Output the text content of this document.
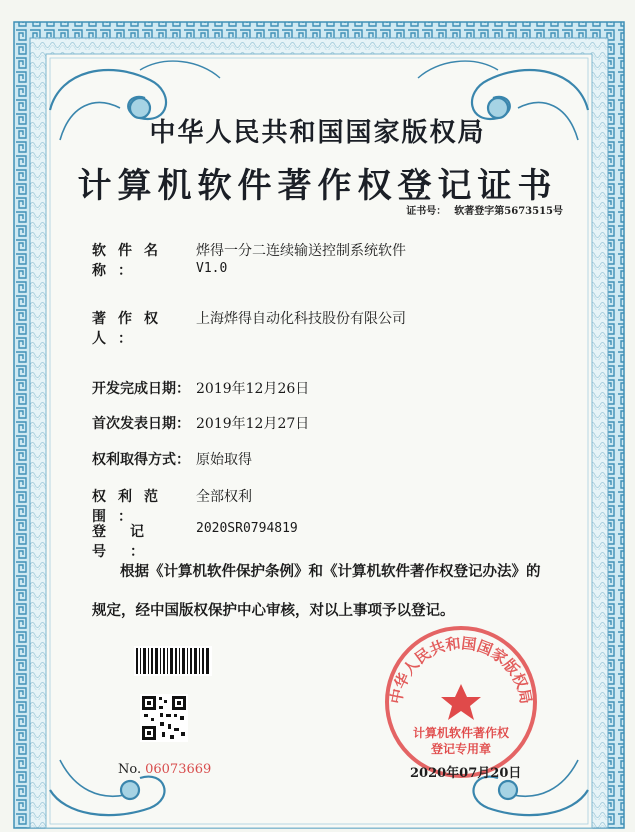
中华人民共和国国家版权局
中华人民共和国国家版权局
计算机软件著作权登记证书
证书号： 软著登字第5673515号
软件名称：烨得一分二连续输送控制系统软件
V1.0
著作权人：上海烨得自动化科技股份有限公司
开发完成日期： 2019年12月26日
首次发表日期： 2019年12月27日
权利取得方式： 原始取得
权利范围：全部权利
登记号：2020SR0794819
根据《计算机软件保护条例》和《计算机软件著作权登记办法》的
规定，经中国版权保护中心审核，对以上事项予以登记。
计算机软件著作权
登记专用章
No. 06073669	2020年07月20日
